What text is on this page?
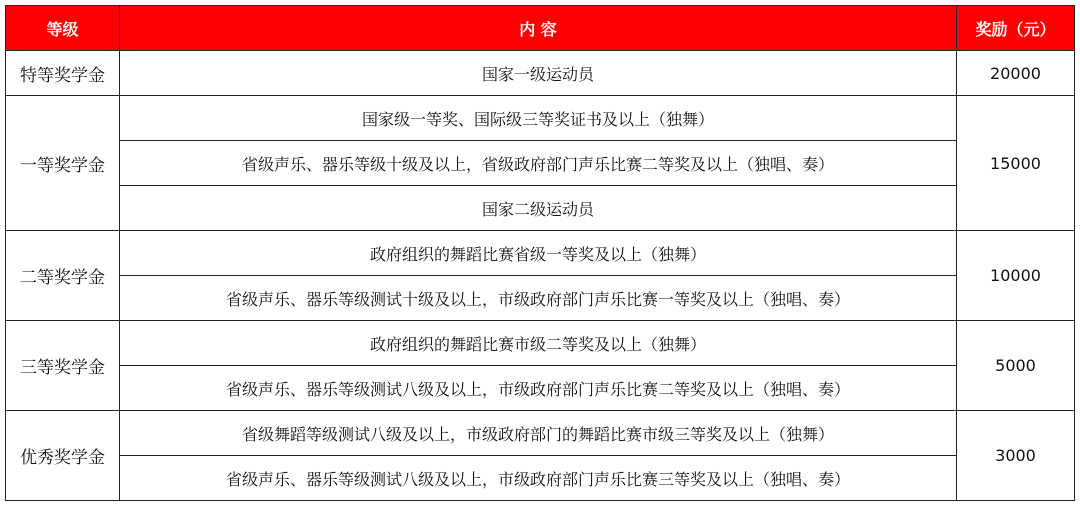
等级	内 容	奖励（元）
特等奖学金	国家一级运动员	20000
一等奖学金	国家级一等奖、国际级三等奖证书及以上（独舞）	15000
	省级声乐、器乐等级十级及以上，省级政府部门声乐比赛二等奖及以上（独唱、奏）	
	国家二级运动员	
二等奖学金	政府组织的舞蹈比赛省级一等奖及以上（独舞）	10000
	省级声乐、器乐等级测试十级及以上，市级政府部门声乐比赛一等奖及以上（独唱、奏）	
三等奖学金	政府组织的舞蹈比赛市级二等奖及以上（独舞）	5000
	省级声乐、器乐等级测试八级及以上，市级政府部门声乐比赛二等奖及以上（独唱、奏）	
优秀奖学金	省级舞蹈等级测试八级及以上，市级政府部门的舞蹈比赛市级三等奖及以上（独舞）	3000
	省级声乐、器乐等级测试八级及以上，市级政府部门声乐比赛三等奖及以上（独唱、奏）	
